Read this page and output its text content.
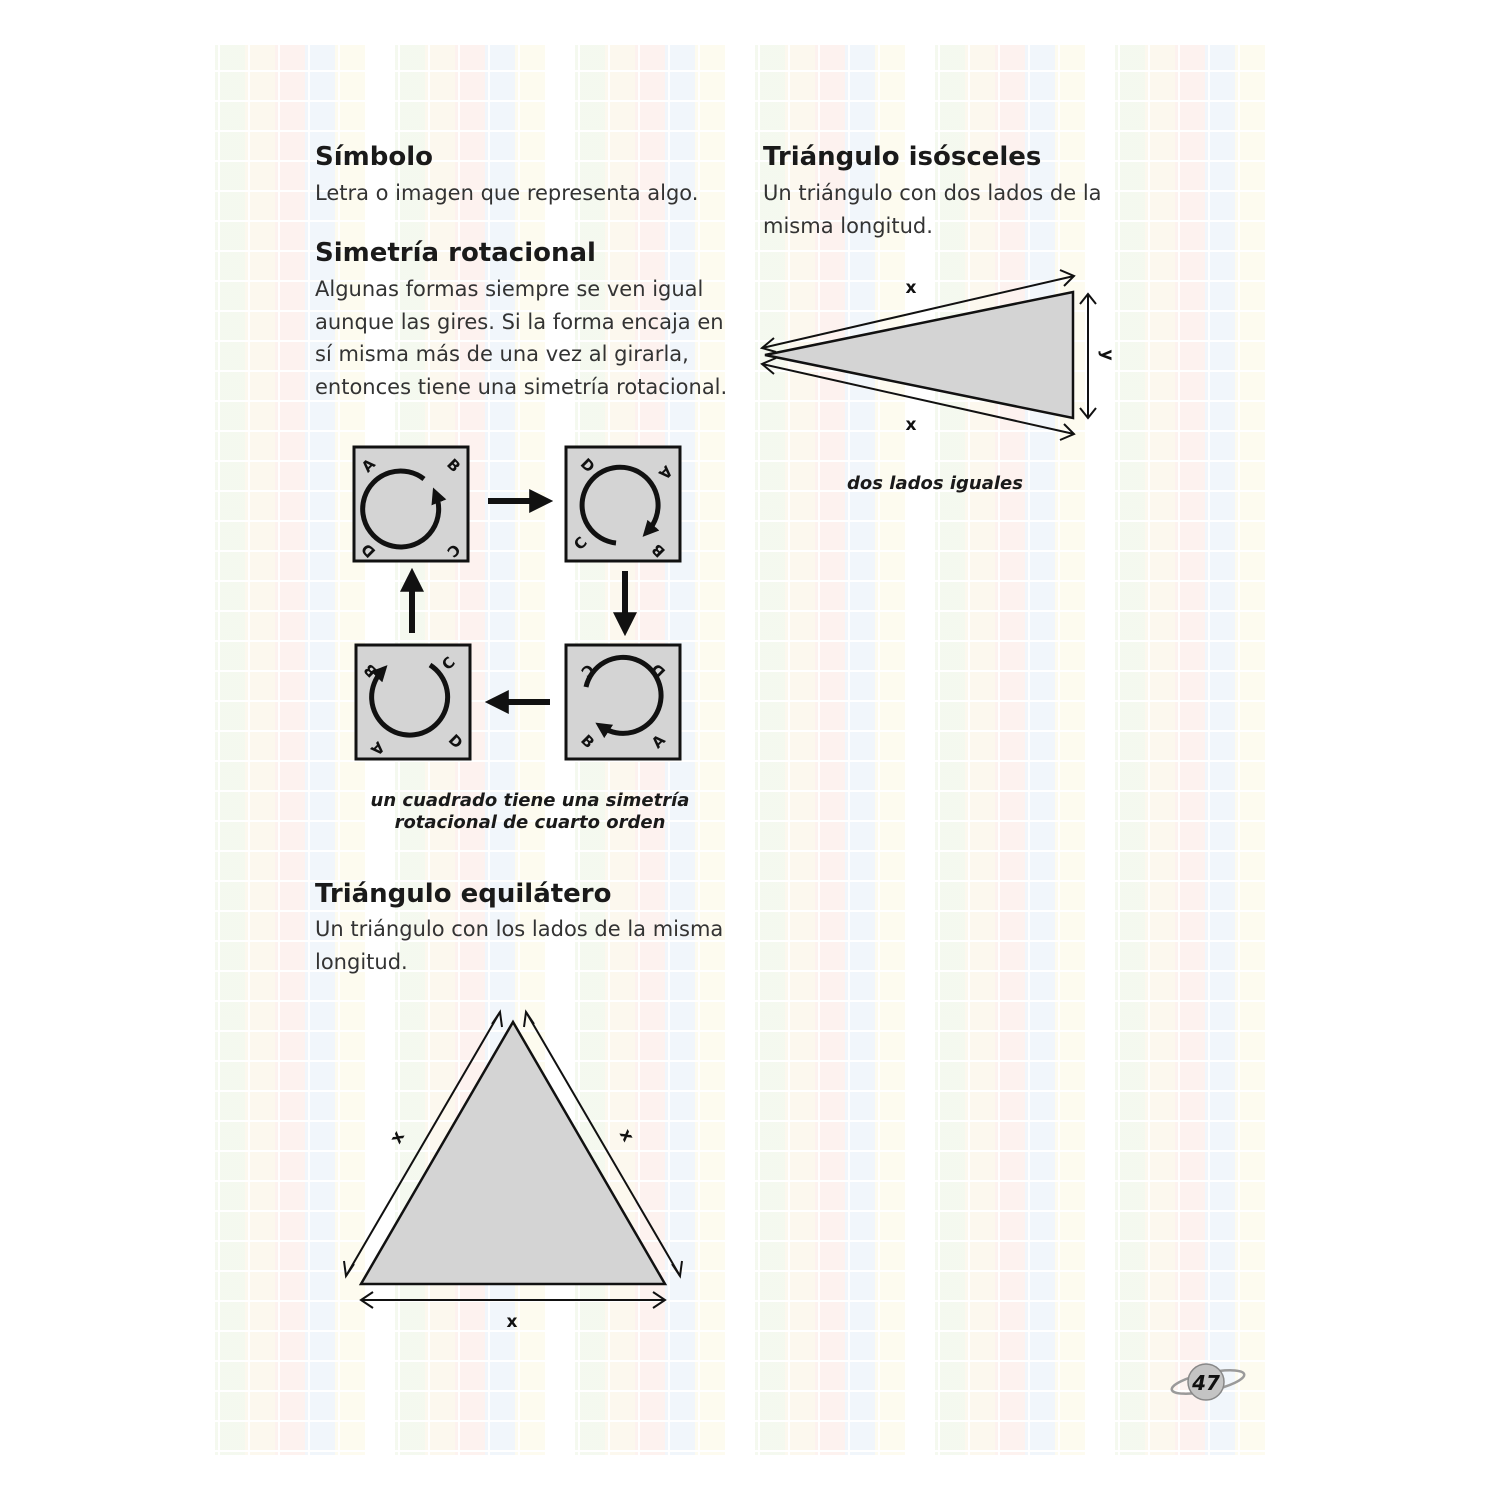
Símbolo

Letra o imagen que representa algo.

Simetría rotacional

Algunas formas siempre se ven igual
aunque las gires. Si la forma encaja en
sí misma más de una vez al girarla,
entonces tiene una simetría rotacional.

A	B
C
D
D	A
B
C
C	D
A
B
B	C
D
A
un cuadrado tiene una simetría
rotacional de cuarto orden
Triángulo isósceles

Un triángulo con dos lados de la
misma longitud.

x
x
y
dos lados iguales
Triángulo equilátero

Un triángulo con los lados de la misma
longitud.

x	x
x
47
